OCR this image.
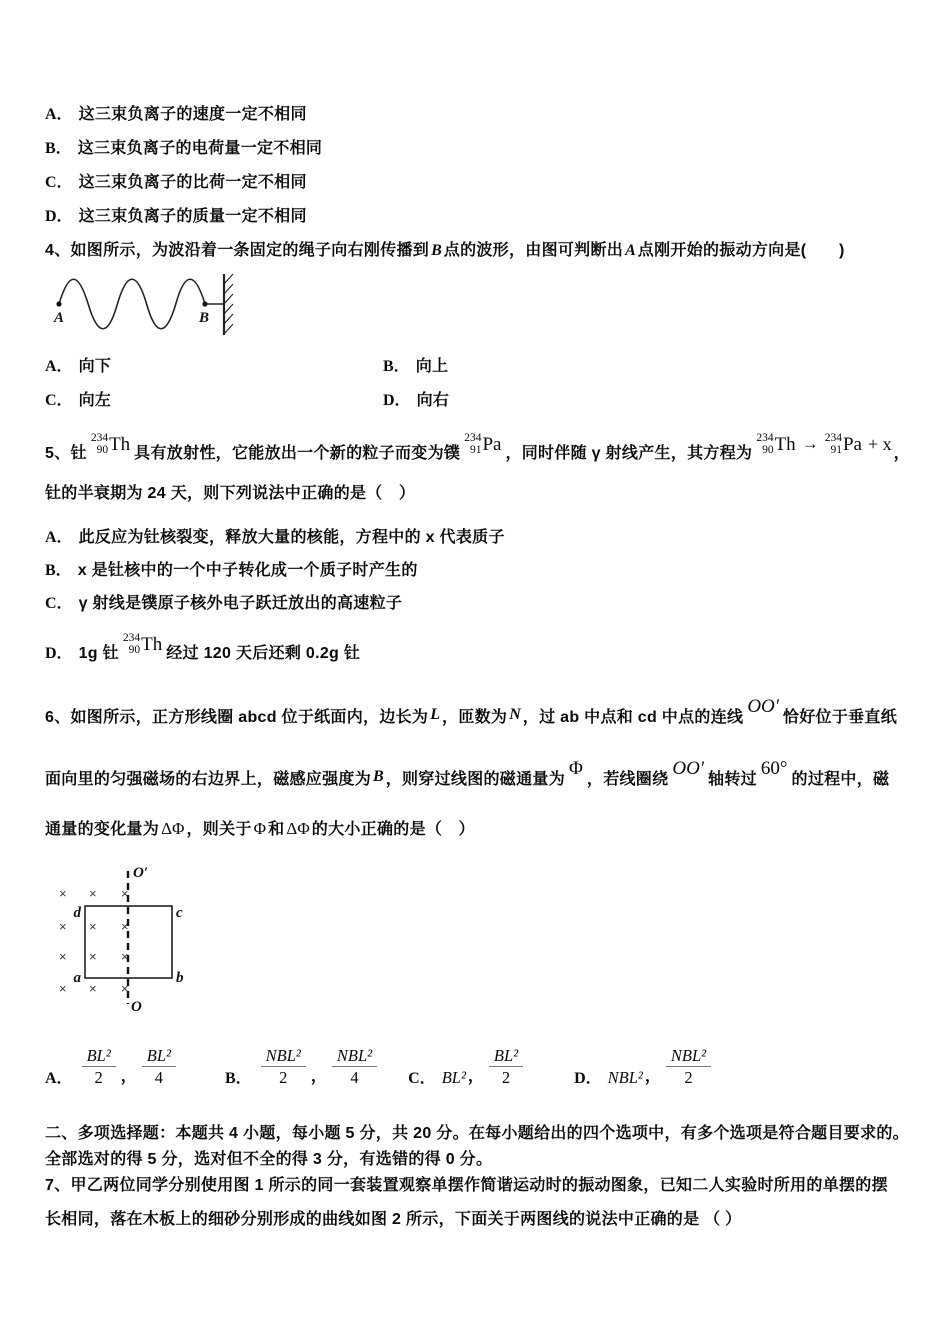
A． 这三束负离子的速度一定不相同
B． 这三束负离子的电荷量一定不相同
C． 这三束负离子的比荷一定不相同
D． 这三束负离子的质量一定不相同
4、如图所示，为波沿着一条固定的绳子向右刚传播到 B 点的波形，由图可判断出 A 点刚开始的振动方向是(　　)
A	B
A． 向下	B． 向上
C． 向左	D． 向右
5、钍
234
90 Th 具有放射性，它能放出一个新的粒子而变为镤
234
91 Pa ，同时伴随 γ 射线产生，其方程为
234
90 Th → 234
91 Pa + x ，
钍的半衰期为 24 天，则下列说法中正确的是（　）
A． 此反应为钍核裂变，释放大量的核能，方程中的 x 代表质子
B． x 是钍核中的一个中子转化成一个质子时产生的
C． γ 射线是镤原子核外电子跃迁放出的高速粒子
D． 1g 钍
234
90 Th 经过 120 天后还剩 0.2g 钍
6、如图所示，正方形线圈 abcd 位于纸面内，边长为 L ，匝数为 N ，过 ab 中点和 cd 中点的连线 OO′ 恰好位于垂直纸
面向里的匀强磁场的右边界上，磁感应强度为 B ，则穿过线图的磁通量为 Φ ，若线圈绕 OO′ 轴转过 60° 的过程中，磁
通量的变化量为 ΔΦ ，则关于 Φ 和 ΔΦ 的大小正确的是（　）
× × ×
× × ×
× × ×
× × ×
O′
O
d	c
a	b
A． $\frac{\text{BL²}}{2}$ ， $\frac{\text{BL²}}{4}$	B． $\frac{\text{NBL²}}{2}$ ， $\frac{\text{NBL²}}{4}$ C． BL² ， $\frac{\text{BL²}}{2}$	D． NBL² ， $\frac{\text{NBL²}}{2}$
二、多项选择题：本题共 4 小题，每小题 5 分，共 20 分。在每小题给出的四个选项中，有多个选项是符合题目要求的。
全部选对的得 5 分，选对但不全的得 3 分，有选错的得 0 分。
7、甲乙两位同学分别使用图 1 所示的同一套装置观察单摆作简谐运动时的振动图象，已知二人实验时所用的单摆的摆
长相同，落在木板上的细砂分别形成的曲线如图 2 所示，下面关于两图线的说法中正确的是 （ ）
